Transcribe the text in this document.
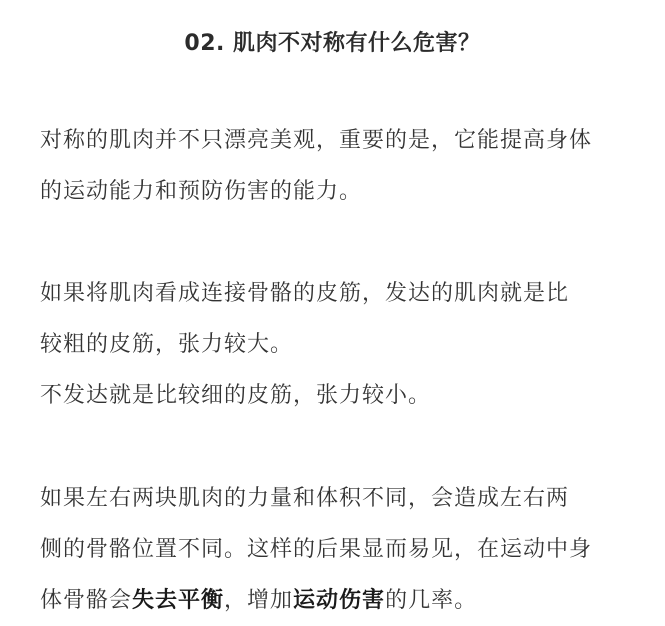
02. 肌肉不对称有什么危害？

对称的肌肉并不只漂亮美观，重要的是，它能提高身体
的运动能力和预防伤害的能力。

如果将肌肉看成连接骨骼的皮筋，发达的肌肉就是比
较粗的皮筋，张力较大。
不发达就是比较细的皮筋，张力较小。

如果左右两块肌肉的力量和体积不同，会造成左右两
侧的骨骼位置不同。这样的后果显而易见，在运动中身
体骨骼会失去平衡，增加运动伤害的几率。
